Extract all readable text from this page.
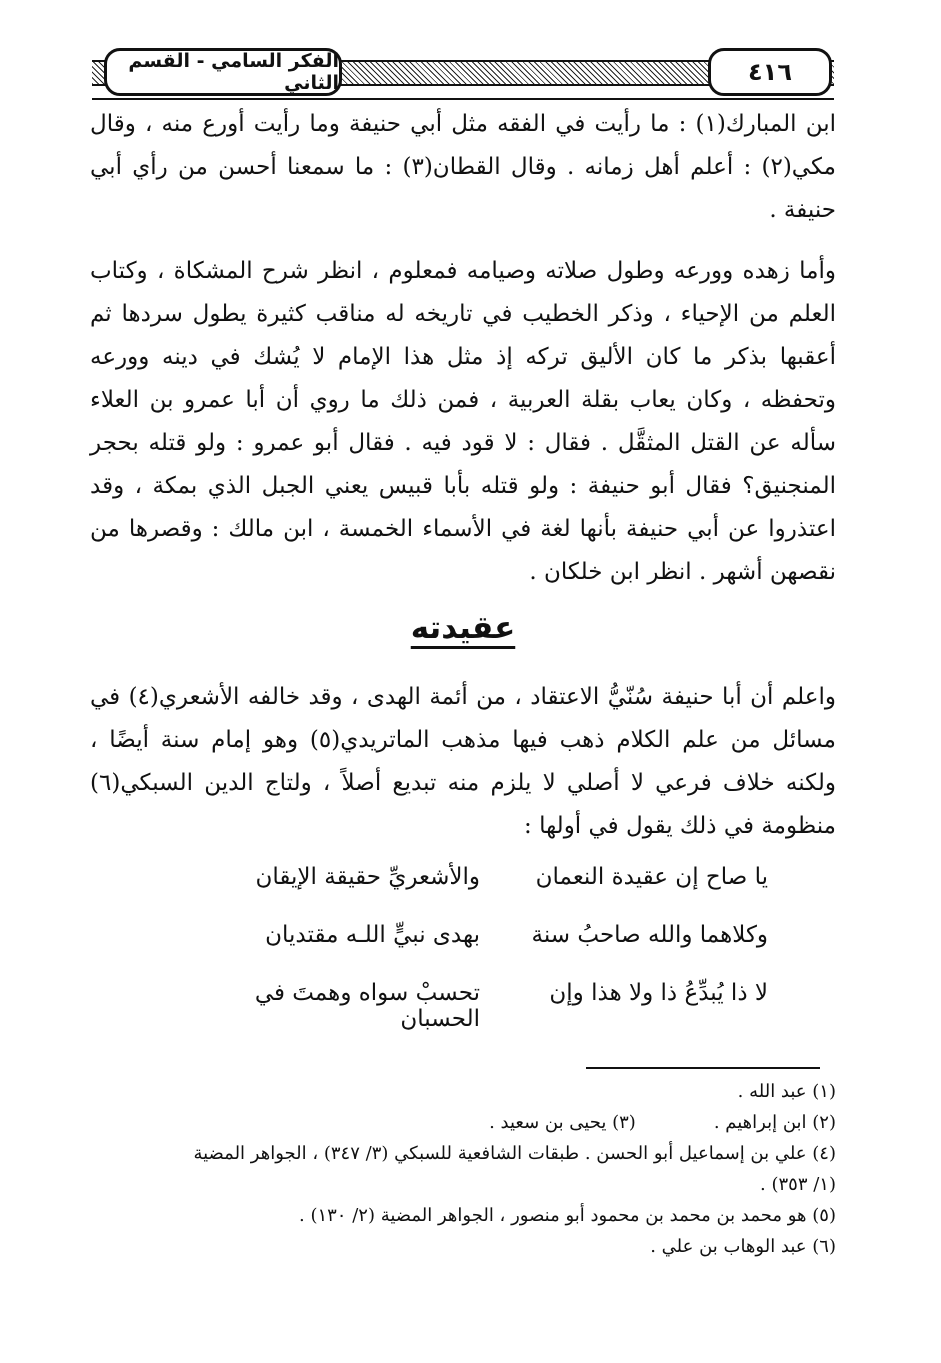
الفكر السامي - القسم الثاني	٤١٦
ابن المبارك(١) : ما رأيت في الفقه مثل أبي حنيفة وما رأيت أورع منه ، وقال مكي(٢) : أعلم أهل زمانه . وقال القطان(٣) : ما سمعنا أحسن من رأي أبي حنيفة .
وأما زهده وورعه وطول صلاته وصيامه فمعلوم ، انظر شرح المشكاة ، وكتاب العلم من الإحياء ، وذكر الخطيب في تاريخه له مناقب كثيرة يطول سردها ثم أعقبها بذكر ما كان الأليق تركه إذ مثل هذا الإمام لا يُشك في دينه وورعه وتحفظه ، وكان يعاب بقلة العربية ، فمن ذلك ما روي أن أبا عمرو بن العلاء سأله عن القتل المثقَّل . فقال : لا قود فيه . فقال أبو عمرو : ولو قتله بحجر المنجنيق؟ فقال أبو حنيفة : ولو قتله بأبا قبيس يعني الجبل الذي بمكة ، وقد اعتذروا عن أبي حنيفة بأنها لغة في الأسماء الخمسة ، ابن مالك : وقصرها من نقصهن أشهر . انظر ابن خلكان .
عقيدته
واعلم أن أبا حنيفة سُنّيُّ الاعتقاد ، من أئمة الهدى ، وقد خالفه الأشعري(٤) في مسائل من علم الكلام ذهب فيها مذهب الماتريدي(٥) وهو إمام سنة أيضًا ، ولكنه خلاف فرعي لا أصلي لا يلزم منه تبديع أصلاً ، ولتاج الدين السبكي(٦) منظومة في ذلك يقول في أولها :
يا صاح إن عقيدة النعمان
والأشعريِّ حقيقة الإيقان
وكلاهما والله صاحبُ سنة
بهدى نبيٍّ اللـه مقتديان
لا ذا يُبدِّعُ ذا ولا هذا وإن
تحسبْ سواه وهمتَ في الحسبان
(١) عبد الله .
(٢) ابن إبراهيم .
(٣) يحيى بن سعيد .
(٤) علي بن إسماعيل أبو الحسن . طبقات الشافعية للسبكي (٣/ ٣٤٧) ، الجواهر المضية
(١/ ٣٥٣) .
(٥) هو محمد بن محمد بن محمود أبو منصور ، الجواهر المضية (٢/ ١٣٠) .
(٦) عبد الوهاب بن علي .
